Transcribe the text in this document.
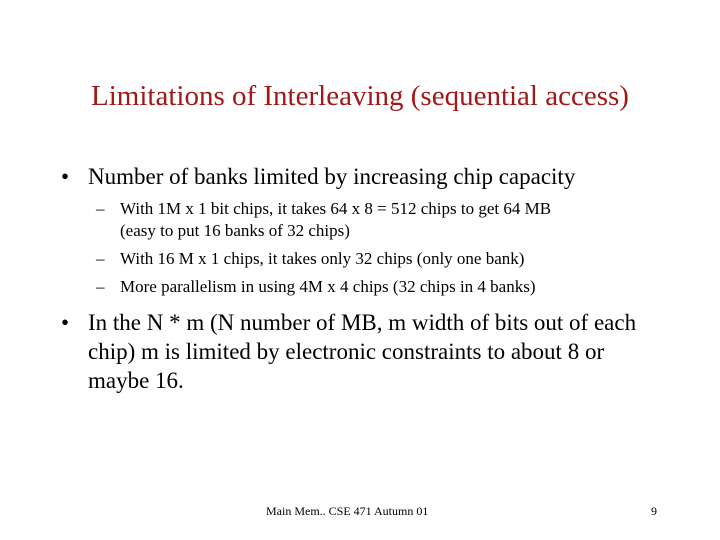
Limitations of Interleaving (sequential access)
• Number of banks limited by increasing chip capacity
– With 1M x 1 bit chips, it takes 64 x 8 = 512 chips to get 64 MB
(easy to put 16 banks of 32 chips)
– With 16 M x 1 chips, it takes only 32 chips (only one bank)
– More parallelism in using 4M x 4 chips (32 chips in 4 banks)
• In the N * m (N number of MB, m width of bits out of each
chip) m is limited by electronic constraints to about 8 or
maybe 16.
Main Mem.. CSE 471 Autumn 01	9
